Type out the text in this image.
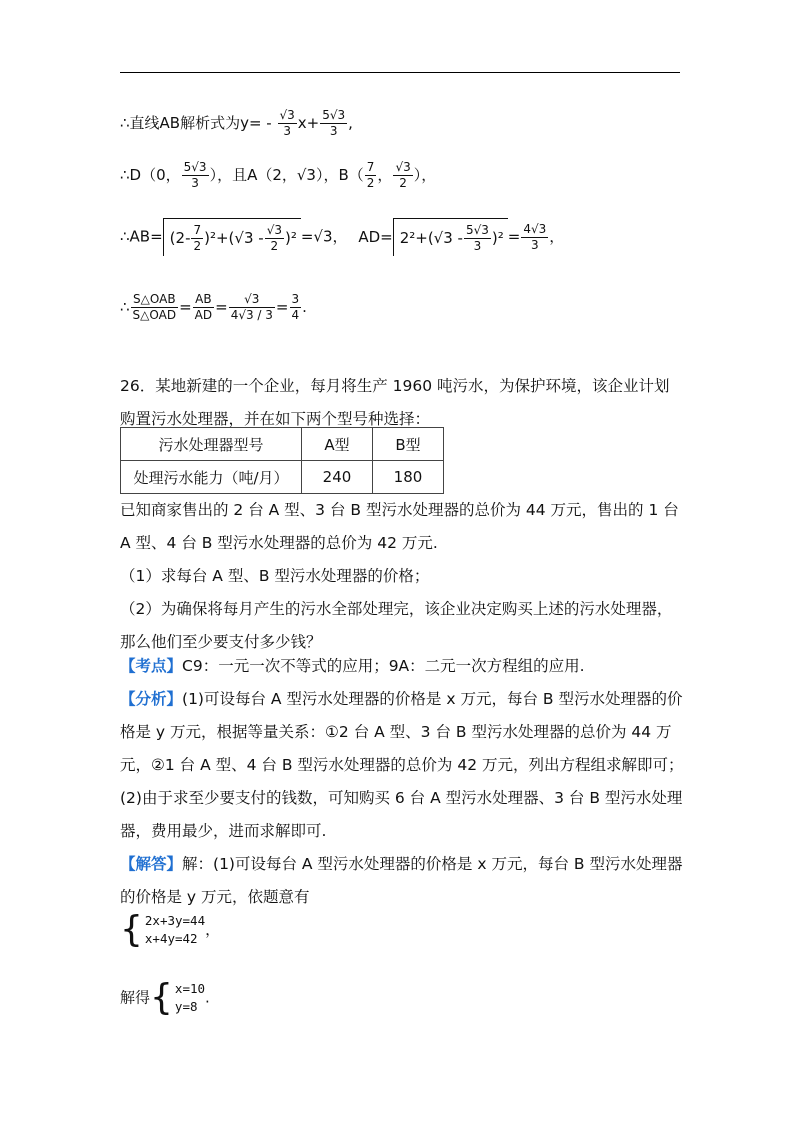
∴直线AB解析式为$y= - \frac{√3}{3} x+ \frac{5√3}{3}$ ,
∴D（0， $\frac{5√3}{3}$ ），且A（2，√3），$B( \frac{7}{2}$ ， $\frac{√3}{2}$ ），
∴AB= $(2- \frac{7}{2} )^2+(√3 - \frac{√3}{2} )^2 =√3$， $AD= 2^2+(√3 - \frac{5√3}{3} )^2 = \frac{4√3}{3}$ ，
∴ $\frac{\text{S△OAB}}{\text{S△OAD}} = \frac{AB}{AD} = \frac{√3}{4√3 / 3} = \frac{3}{4}$ .
26．某地新建的一个企业，每月将生产 1960 吨污水，为保护环境，该企业计划购置污水处理器，并在如下两个型号种选择：
污水处理器型号	A型	B型
处理污水能力（吨/月）	240	180
已知商家售出的 2 台 A 型、3 台 B 型污水处理器的总价为 44 万元，售出的 1 台 A 型、4 台 B 型污水处理器的总价为 42 万元.
（1）求每台 A 型、B 型污水处理器的价格；
（2）为确保将每月产生的污水全部处理完，该企业决定购买上述的污水处理器，那么他们至少要支付多少钱？
【考点】C9：一元一次不等式的应用；9A：二元一次方程组的应用.
【分析】(1)可设每台 A 型污水处理器的价格是 x 万元，每台 B 型污水处理器的价格是 y 万元，根据等量关系：①2 台 A 型、3 台 B 型污水处理器的总价为 44 万元，②1 台 A 型、4 台 B 型污水处理器的总价为 42 万元，列出方程组求解即可；
(2)由于求至少要支付的钱数，可知购买 6 台 A 型污水处理器、3 台 B 型污水处理器，费用最少，进而求解即可.
【解答】解：(1)可设每台 A 型污水处理器的价格是 x 万元，每台 B 型污水处理器的价格是 y 万元，依题意有
{ 2x+3y=44
x+4y=42 ，
解得{ x=10
y=8 .
